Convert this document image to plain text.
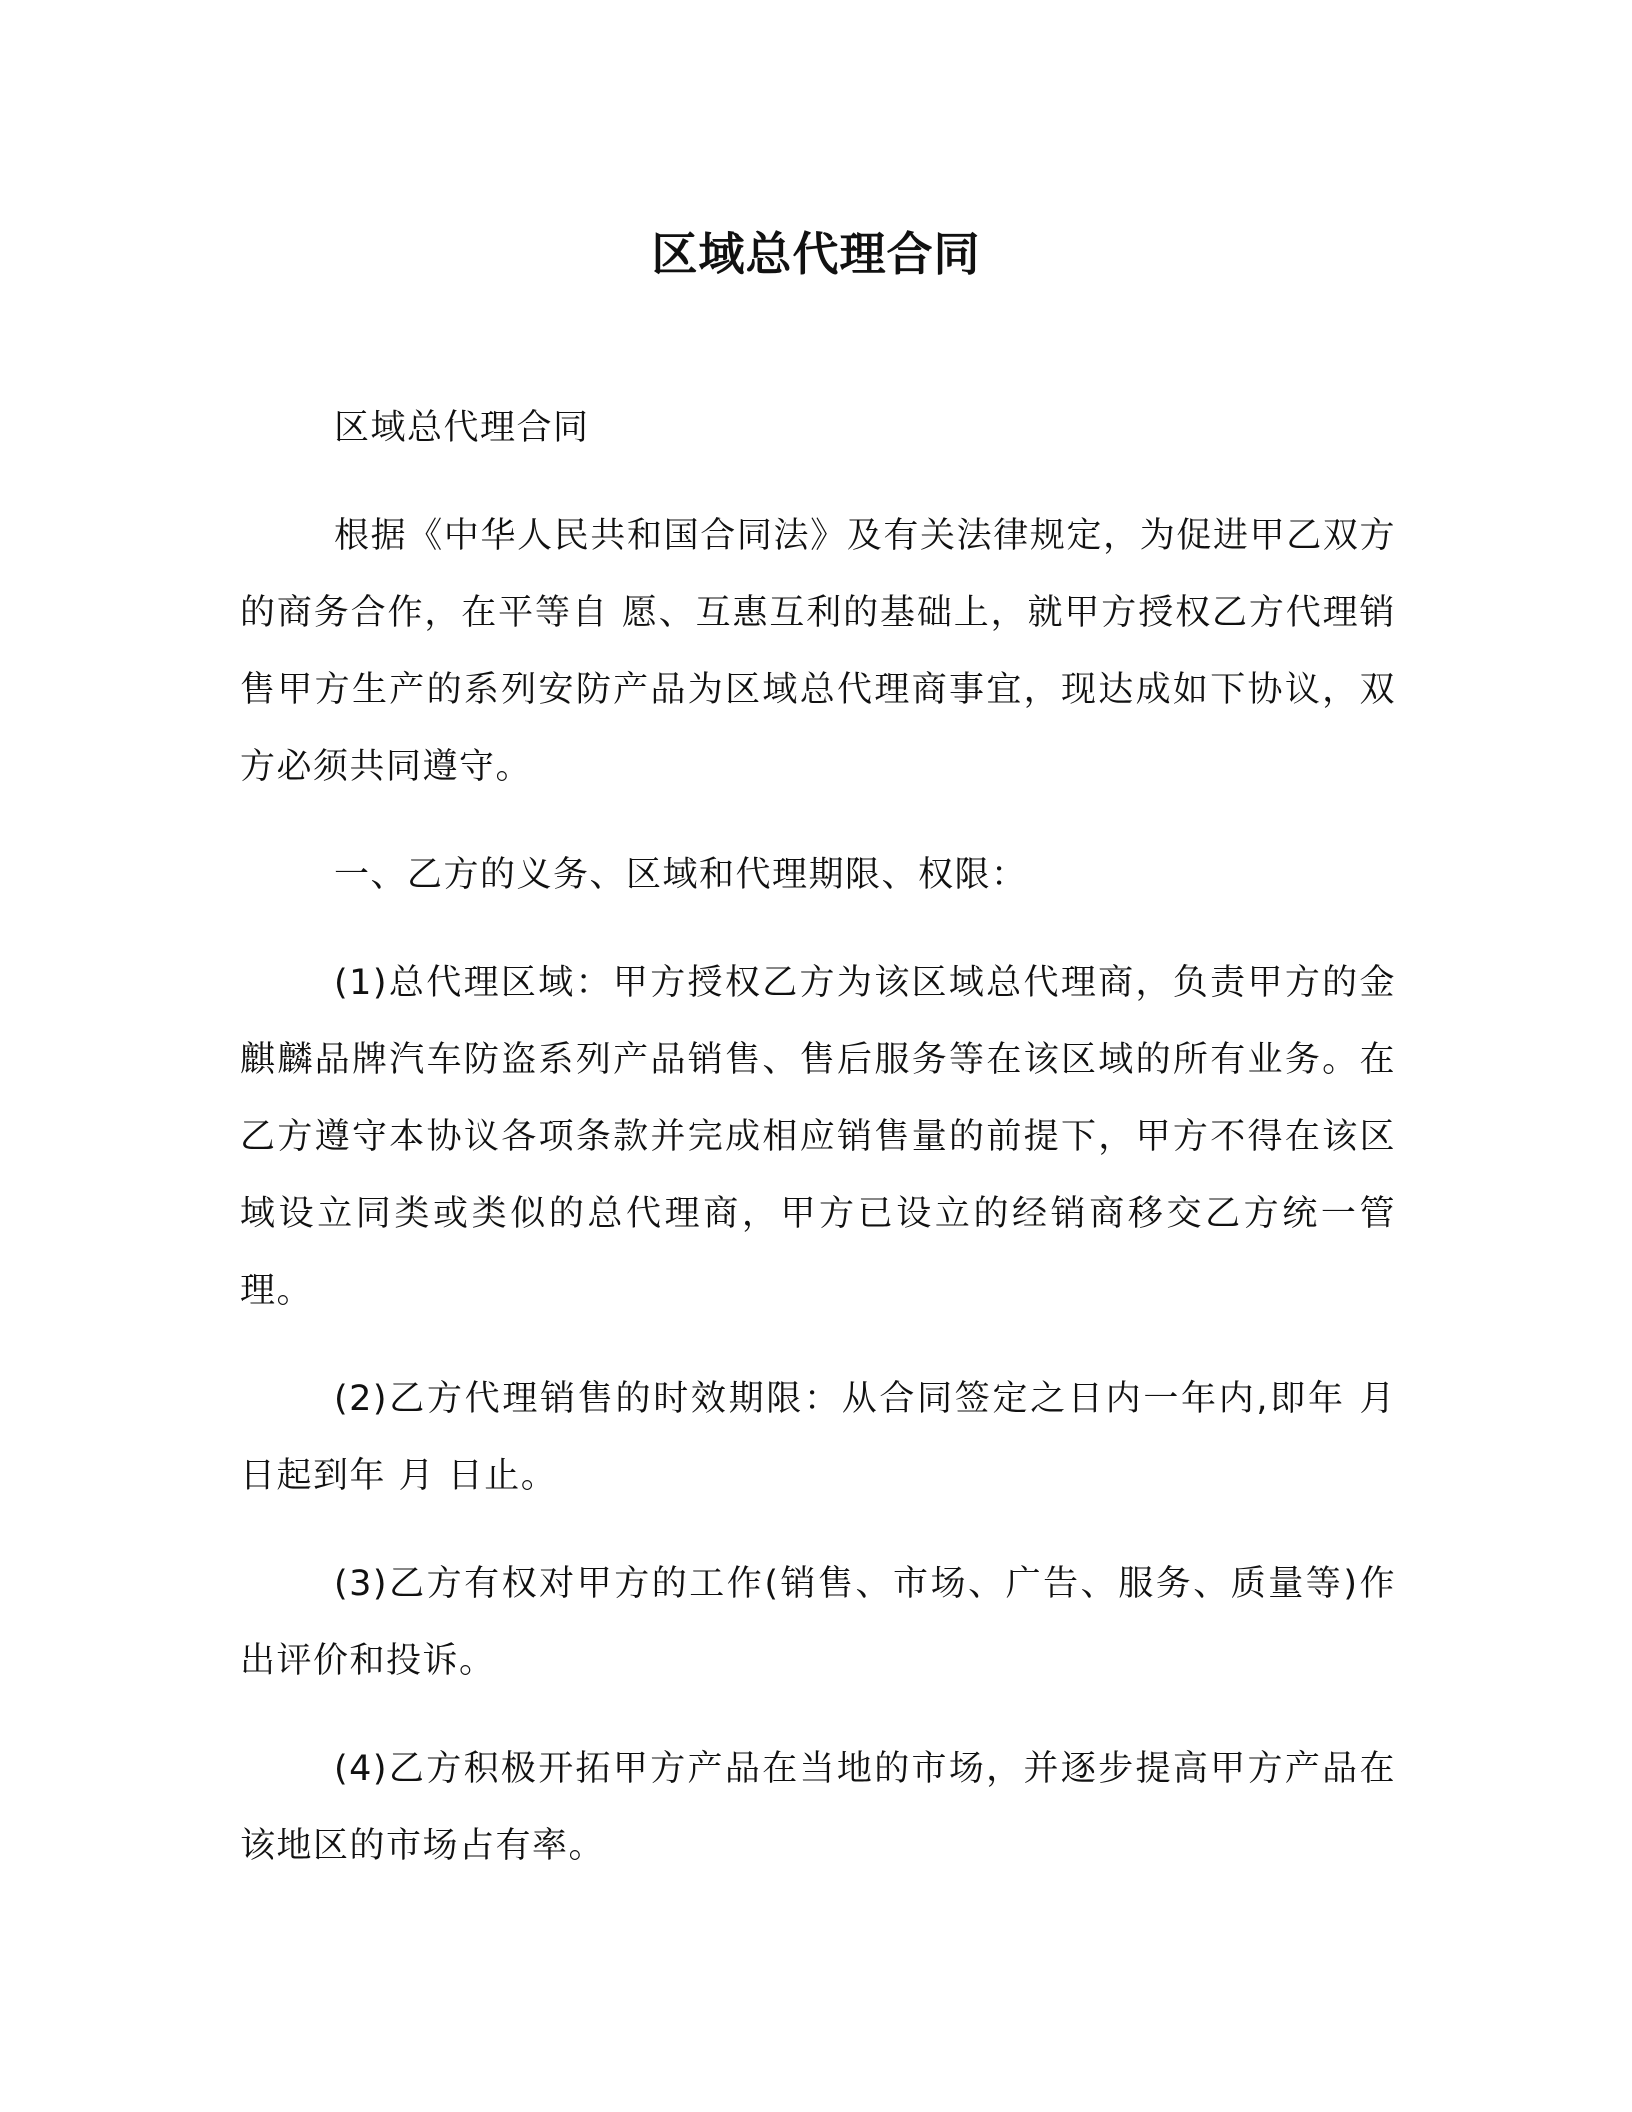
区域总代理合同

区域总代理合同

根据《中华人民共和国合同法》及有关法律规定，为促进甲乙双方的商务合作，在平等自 愿、互惠互利的基础上，就甲方授权乙方代理销售甲方生产的系列安防产品为区域总代理商事宜，现达成如下协议，双方必须共同遵守。

一、乙方的义务、区域和代理期限、权限：

(1)总代理区域：甲方授权乙方为该区域总代理商，负责甲方的金麒麟品牌汽车防盗系列产品销售、售后服务等在该区域的所有业务。在乙方遵守本协议各项条款并完成相应销售量的前提下，甲方不得在该区域设立同类或类似的总代理商，甲方已设立的经销商移交乙方统一管理。

(2)乙方代理销售的时效期限：从合同签定之日内一年内,即年 月 日起到年 月 日止。

(3)乙方有权对甲方的工作(销售、市场、广告、服务、质量等)作出评价和投诉。

(4)乙方积极开拓甲方产品在当地的市场，并逐步提高甲方产品在该地区的市场占有率。
